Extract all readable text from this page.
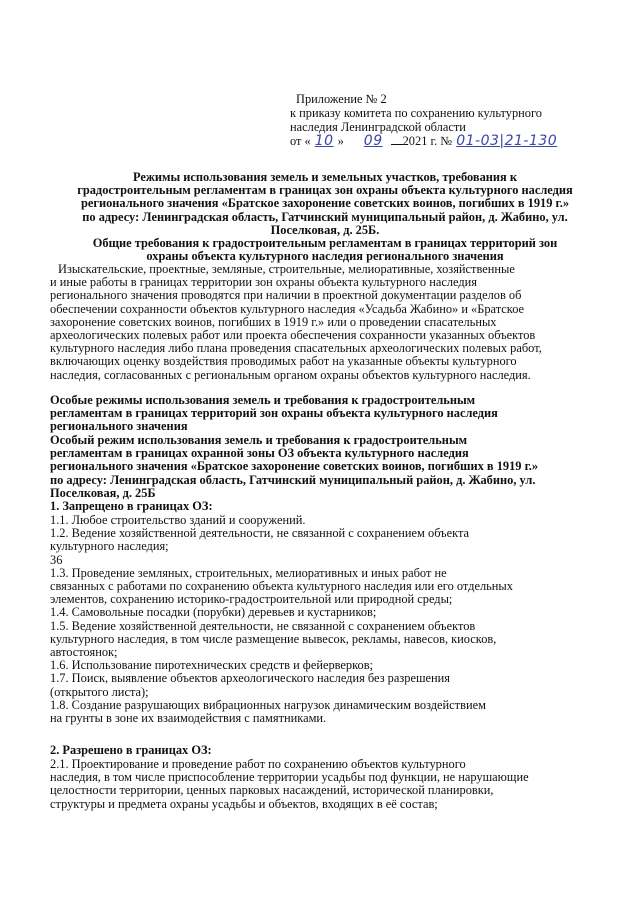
Приложение № 2
к приказу комитета по сохранению культурного
наследия Ленинградской области
от « 10 » 09 2021 г. № 01-03|21-130
Режимы использования земель и земельных участков, требования к
градостроительным регламентам в границах зон охраны объекта культурного наследия
регионального значения «Братское захоронение советских воинов, погибших в 1919 г.»
по адресу: Ленинградская область, Гатчинский муниципальный район, д. Жабино, ул.
Поселковая, д. 25Б.
Общие требования к градостроительным регламентам в границах территорий зон
охраны объекта культурного наследия регионального значения
Изыскательские, проектные, земляные, строительные, мелиоративные, хозяйственные
и иные работы в границах территории зон охраны объекта культурного наследия
регионального значения проводятся при наличии в проектной документации разделов об
обеспечении сохранности объектов культурного наследия «Усадьба Жабино» и «Братское
захоронение советских воинов, погибших в 1919 г.» или о проведении спасательных
археологических полевых работ или проекта обеспечения сохранности указанных объектов
культурного наследия либо плана проведения спасательных археологических полевых работ,
включающих оценку воздействия проводимых работ на указанные объекты культурного
наследия, согласованных с региональным органом охраны объектов культурного наследия.
Особые режимы использования земель и требования к градостроительным
регламентам в границах территорий зон охраны объекта культурного наследия
регионального значения
Особый режим использования земель и требования к градостроительным
регламентам в границах охранной зоны ОЗ объекта культурного наследия
регионального значения «Братское захоронение советских воинов, погибших в 1919 г.»
по адресу: Ленинградская область, Гатчинский муниципальный район, д. Жабино, ул.
Поселковая, д. 25Б
1. Запрещено в границах ОЗ:
1.1. Любое строительство зданий и сооружений.
1.2. Ведение хозяйственной деятельности, не связанной с сохранением объекта
культурного наследия;
36
1.3. Проведение земляных, строительных, мелиоративных и иных работ не
связанных с работами по сохранению объекта культурного наследия или его отдельных
элементов, сохранению историко-градостроительной или природной среды;
1.4. Самовольные посадки (порубки) деревьев и кустарников;
1.5. Ведение хозяйственной деятельности, не связанной с сохранением объектов
культурного наследия, в том числе размещение вывесок, рекламы, навесов, киосков,
автостоянок;
1.6. Использование пиротехнических средств и фейерверков;
1.7. Поиск, выявление объектов археологического наследия без разрешения
(открытого листа);
1.8. Создание разрушающих вибрационных нагрузок динамическим воздействием
на грунты в зоне их взаимодействия с памятниками.
2. Разрешено в границах ОЗ:
2.1. Проектирование и проведение работ по сохранению объектов культурного
наследия, в том числе приспособление территории усадьбы под функции, не нарушающие
целостности территории, ценных парковых насаждений, исторической планировки,
структуры и предмета охраны усадьбы и объектов, входящих в её состав;
